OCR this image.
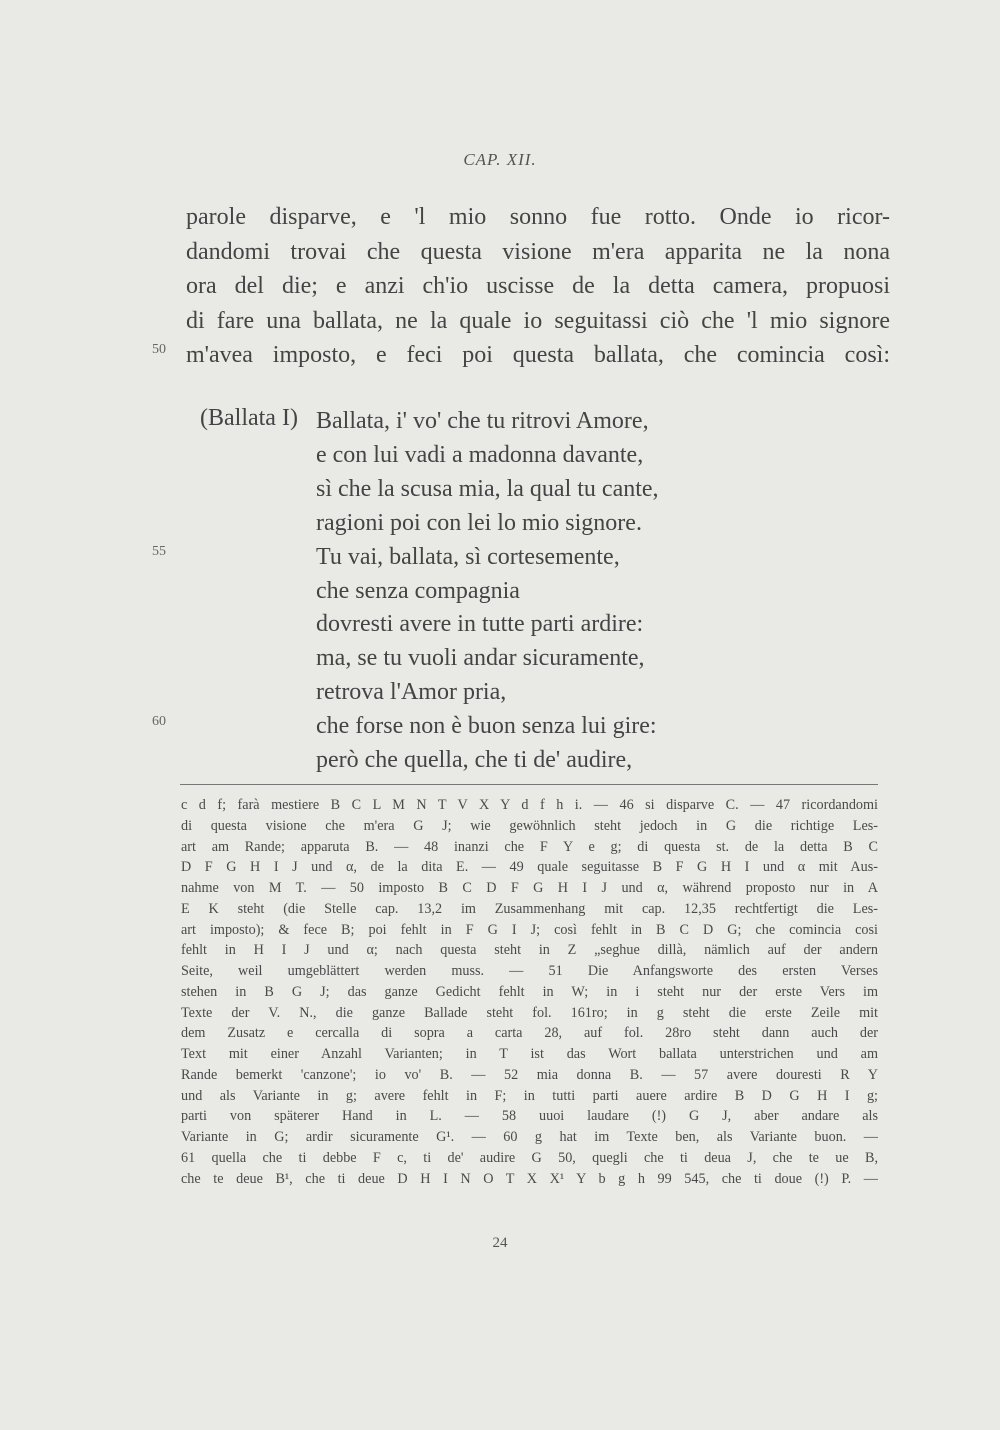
CAP. XII.
parole disparve, e 'l mio sonno fue rotto. Onde io ricor-
dandomi trovai che questa visione m'era apparita ne la nona
ora del die; e anzi ch'io uscisse de la detta camera, propuosi
di fare una ballata, ne la quale io seguitassi ciò che 'l mio signore
m'avea imposto, e feci poi questa ballata, che comincia così:
50
55
60
(Ballata I) Ballata, i' vo' che tu ritrovi Amore,
e con lui vadi a madonna davante,
sì che la scusa mia, la qual tu cante,
ragioni poi con lei lo mio signore.
Tu vai, ballata, sì cortesemente,
che senza compagnia
dovresti avere in tutte parti ardire:
ma, se tu vuoli andar sicuramente,
retrova l'Amor pria,
che forse non è buon senza lui gire:
però che quella, che ti de' audire,
c d f; farà mestiere B C L M N T V X Y d f h i. — 46 si disparve C. — 47 ricordandomi
di questa visione che m'era G J; wie gewöhnlich steht jedoch in G die richtige Les-
art am Rande; apparuta B. — 48 inanzi che F Y e g; di questa st. de la detta B C
D F G H I J und α, de la dita E. — 49 quale seguitasse B F G H I und α mit Aus-
nahme von M T. — 50 imposto B C D F G H I J und α, während proposto nur in A
E K steht (die Stelle cap. 13,2 im Zusammenhang mit cap. 12,35 rechtfertigt die Les-
art imposto); & fece B; poi fehlt in F G I J; così fehlt in B C D G; che comincia cosi
fehlt in H I J und α; nach questa steht in Z „seghue dillà, nämlich auf der andern
Seite, weil umgeblättert werden muss. — 51 Die Anfangsworte des ersten Verses
stehen in B G J; das ganze Gedicht fehlt in W; in i steht nur der erste Vers im
Texte der V. N., die ganze Ballade steht fol. 161ro; in g steht die erste Zeile mit
dem Zusatz e cercalla di sopra a carta 28, auf fol. 28ro steht dann auch der
Text mit einer Anzahl Varianten; in T ist das Wort ballata unterstrichen und am
Rande bemerkt 'canzone'; io vo' B. — 52 mia donna B. — 57 avere douresti R Y
und als Variante in g; avere fehlt in F; in tutti parti auere ardire B D G H I g;
parti von späterer Hand in L. — 58 uuoi laudare (!) G J, aber andare als
Variante in G; ardir sicuramente G¹. — 60 g hat im Texte ben, als Variante buon. —
61 quella che ti debbe F c, ti de' audire G 50, quegli che ti deua J, che te ue B,
che te deue B¹, che ti deue D H I N O T X X¹ Y b g h 99 545, che ti doue (!) P. —
24
